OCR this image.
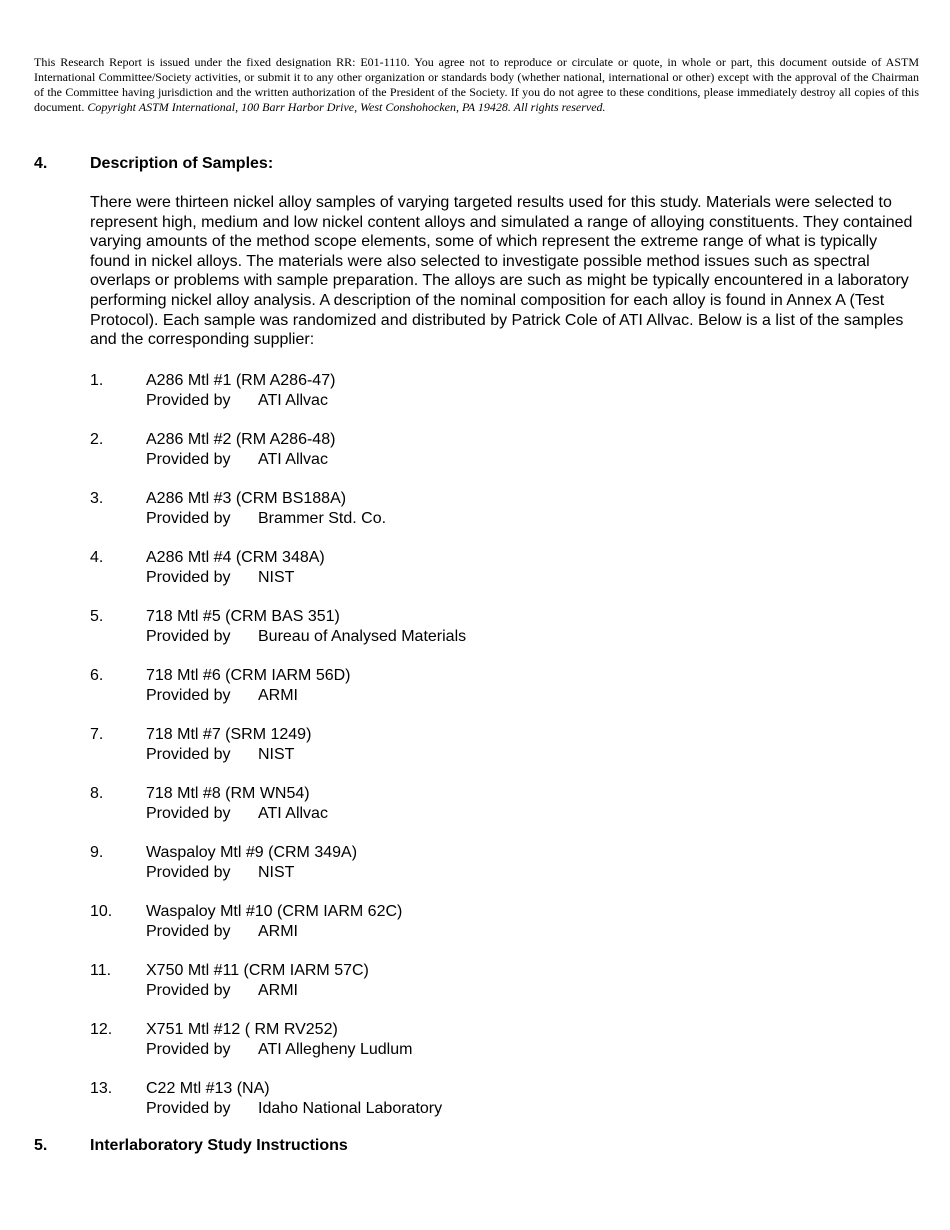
This Research Report is issued under the fixed designation RR: E01-1110. You agree not to reproduce or circulate or quote, in whole or part, this document outside of ASTM International Committee/Society activities, or submit it to any other organization or standards body (whether national, international or other) except with the approval of the Chairman of the Committee having jurisdiction and the written authorization of the President of the Society. If you do not agree to these conditions, please immediately destroy all copies of this document. Copyright ASTM International, 100 Barr Harbor Drive, West Conshohocken, PA 19428. All rights reserved.
4.	Description of Samples:
There were thirteen nickel alloy samples of varying targeted results used for this study. Materials were selected to represent high, medium and low nickel content alloys and simulated a range of alloying constituents. They contained varying amounts of the method scope elements, some of which represent the extreme range of what is typically found in nickel alloys. The materials were also selected to investigate possible method issues such as spectral overlaps or problems with sample preparation. The alloys are such as might be typically encountered in a laboratory performing nickel alloy analysis. A description of the nominal composition for each alloy is found in Annex A (Test Protocol). Each sample was randomized and distributed by Patrick Cole of ATI Allvac. Below is a list of the samples and the corresponding supplier:
1.	A286 Mtl #1 (RM A286-47)
Provided by ATI Allvac
2.	A286 Mtl #2 (RM A286-48)
Provided by ATI Allvac
3.	A286 Mtl #3 (CRM BS188A)
Provided by Brammer Std. Co.
4.	A286 Mtl #4 (CRM 348A)
Provided by NIST
5.	718 Mtl #5 (CRM BAS 351)
Provided by Bureau of Analysed Materials
6.	718 Mtl #6 (CRM IARM 56D)
Provided by ARMI
7.	718 Mtl #7 (SRM 1249)
Provided by NIST
8.	718 Mtl #8 (RM WN54)
Provided by ATI Allvac
9.	Waspaloy Mtl #9 (CRM 349A)
Provided by NIST
10. Waspaloy Mtl #10 (CRM IARM 62C)
Provided by ARMI
11. X750 Mtl #11 (CRM IARM 57C)
Provided by ARMI
12. X751 Mtl #12 ( RM RV252)
Provided by ATI Allegheny Ludlum
13. C22 Mtl #13 (NA)
Provided by Idaho National Laboratory
5.	Interlaboratory Study Instructions
